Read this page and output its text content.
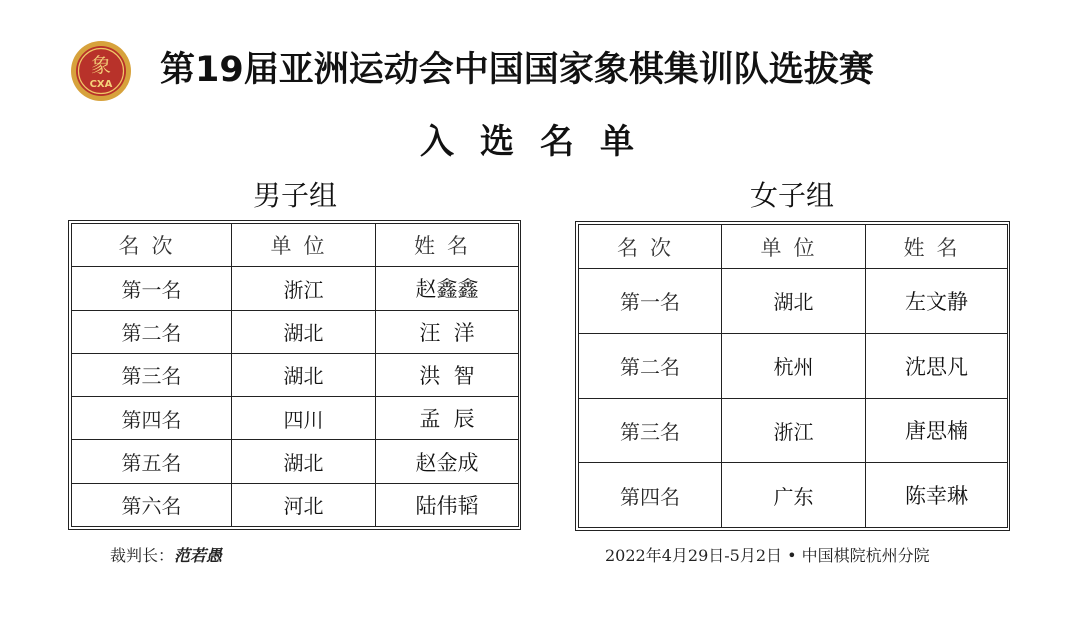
象
CXA 第19届亚洲运动会中国国家象棋集训队选拔赛
入选名单
男子组	女子组
名次	单位	姓名
第一名	浙江	赵鑫鑫
第二名	湖北	汪  洋
第三名	湖北	洪  智
第四名	四川	孟  辰
第五名	湖北	赵金成
第六名	河北	陆伟韬
名次	单位	姓名
第一名	湖北	左文静
第二名	杭州	沈思凡
第三名	浙江	唐思楠
第四名	广东	陈幸琳
裁判长：范若愚	2022年4月29日-5月2日 • 中国棋院杭州分院
